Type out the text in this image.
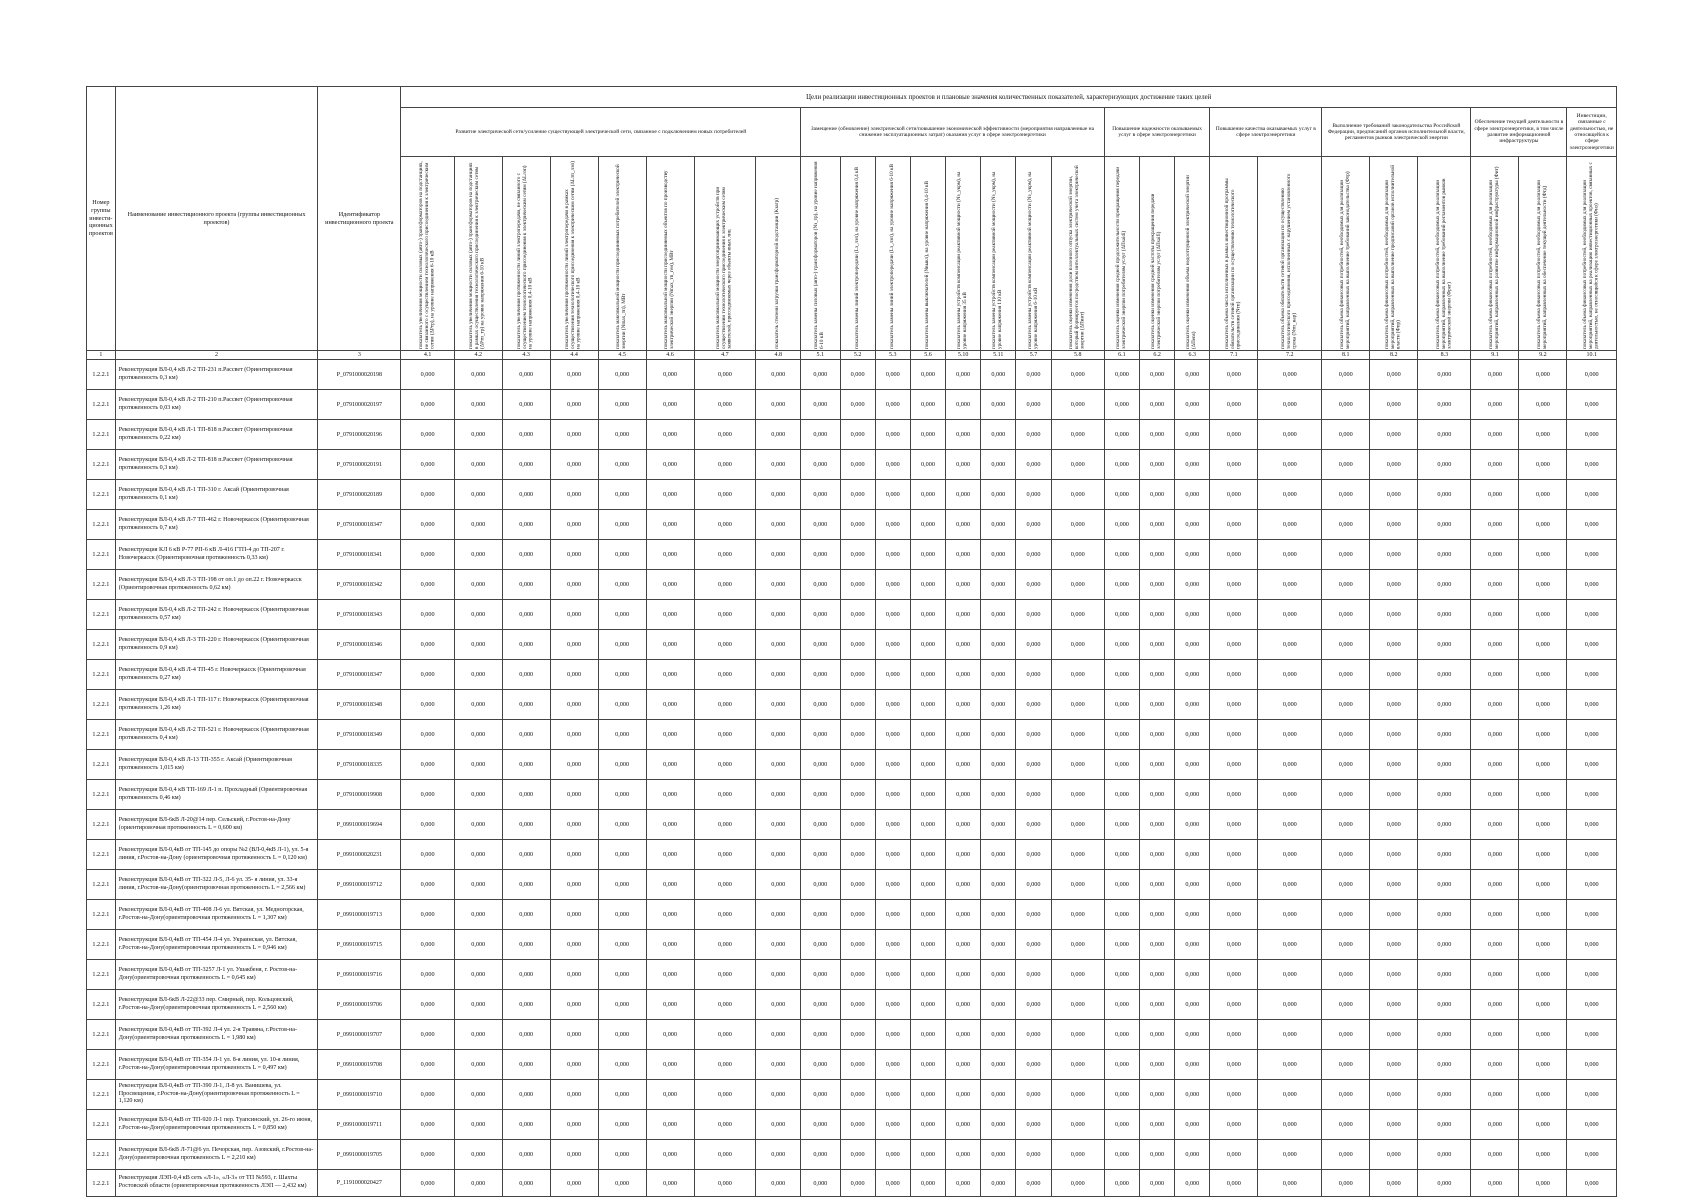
Номер группы инвести- ционных проектов	Наименование инвестиционного проекта (группы инвестиционных проектов)	Идентификатор инвестиционного проекта	Цели реализации инвестиционных проектов и плановые значения количественных показателей, характеризующих достижение таких целей																										
			Развитие электрической сети/усиление существующей электрической сети, связанное с подключением новых потребителей								Замещение (обновление) электрической сети/повышение экономической эффективности (мероприятия направленные на снижение эксплуатационных затрат) оказания услуг в сфере электроэнергетики								Повышение надежности оказываемых услуг в сфере электроэнергетики			Повышение качества оказываемых услуг в сфере электроэнергетики		Выполнение требований законодательства Российской Федерации, предписаний органов исполнительной власти, регламентов рынков электрической энергии			Обеспечение текущей деятельности в сфере электроэнергетики, в том числе развитие информационной инфраструктуры		Инвестиции, связанные с деятельностью, не относящейся к сфере электроэнергетики

			показатель увеличения мощности силовых (авто-) трансформаторов на подстанциях, не связанного с осуществлением технологического присоединения к электрическим сетям (ΔPтр), на уровне напряжения 6-10 кВ	показатель увеличения мощности силовых (авто-) трансформаторов на подстанциях в рамках осуществления технологического присоединения к электрическим сетям (ΔPтп_тр) на уровне напряжения 6-10 кВ	показатель увеличения протяженности линий электропередачи, не связанного с осуществлением технологического присоединения к электрическим сетям (ΔLлэп) на уровне напряжения 0,4-10 кВ	показатель увеличения протяженности линий электропередачи в рамках осуществления технологического присоединения к электрическим сетям (ΔLтп_лэп) на уровне напряжения 0,4-10 кВ	показатель максимальной мощности присоединяемых потребителей электрической энергии (Nmax_тп), МВт	показатель максимальной мощности присоединяемых объектов по производству электрической энергии (Nmax_тп_ген), МВт	показатель максимальной мощности энергопринимающих устройств при осуществлении технологического присоединения к электрическим сетям заявителей, присоединяемых через объекты иных лиц	показатель степени загрузки трансформаторной подстанции (Kзагр)	показатель замены силовых (авто-) трансформаторов (Nз_тр), на уровне напряжения 6-10 кВ	показатель замены линий электропередачи (Lз_лэп), на уровне напряжения 0,4 кВ	показатель замены линий электропередачи (Lз_лэп), на уровне напряжения 6-10 кВ	показатель замены выключателей (Nвыкл), на уровне напряжения 0,4-10 кВ	показатель замены устройств компенсации реактивной мощности (Nз_укрм), на уровне напряжения 35 кВ	показатель замены устройств компенсации реактивной мощности (Nз_укрм), на уровне напряжения 110 кВ	показатель замены устройств компенсации реактивной мощности (Nз_укрм), на уровне напряжения 6-10 кВ	показатель оценки изменения доли полезного отпуска электрической энергии, который формируется посредством интеллектуальных систем учета электрической энергии (ΔПинт)	показатель оценки изменения средней продолжительности прекращения передачи электрической энергии потребителям услуг (ΔПsaidi)	показатель оценки изменения средней частоты прекращения передачи электрической энергии потребителям услуг (ΔПsaifi)	показатель оценки изменения объема недоотпущенной электрической энергии (ΔПens)	показатель объема числа исполненных в рамках инвестиционной программы обязательств сетевой организации по осуществлению технологического присоединения (Nтп)	показатель объема обязательств сетевой организации по осуществлению технологического присоединения, исполненных с нарушением установленного срока (Nтп_нар)	показатель объема финансовых потребностей, необходимых для реализации мероприятий, направленных на выполнение требований законодательства (Фтр)	показатель объема финансовых потребностей, необходимых для реализации мероприятий, направленных на выполнение предписаний органов исполнительной власти (Фпр)	показатель объема финансовых потребностей, необходимых для реализации мероприятий, направленных на выполнение требований регламентов рынков электрической энергии (Фрег)	показатель объема финансовых потребностей, необходимых для реализации мероприятий, направленных на развитие информационной инфраструктуры (Фит)	показатель объема финансовых потребностей, необходимых для реализации мероприятий, направленных на обеспечение текущей деятельности (Фтд)	показатель объема финансовых потребностей, необходимых для реализации мероприятий, направленных на реализацию инвестиционных проектов, связанных с деятельностью, не относящейся к сфере электроэнергетики (Фнэ)

1	2	3	4.1	4.2	4.3	4.4	4.5	4.6	4.7	4.8	5.1	5.2	5.3	5.6	5.10	5.11	5.7	5.8	6.1	6.2	6.3	7.1	7.2	8.1	8.2	8.3	9.1	9.2	10.1
1.2.2.1	Реконструкция ВЛ-0,4 кВ Л-2 ТП-231 п.Рассвет (Ориентировочная протяженность 0,3 км)	P_0791000020198	0,000	0,000	0,000	0,000	0,000	0,000	0,000	0,000	0,000	0,000	0,000	0,000	0,000	0,000	0,000	0,000	0,000	0,000	0,000	0,000	0,000	0,000	0,000	0,000	0,000	0,000	0,000
1.2.2.1	Реконструкция ВЛ-0,4 кВ Л-2 ТП-210 п.Рассвет (Ориентировочная протяженность 0,03 км)	P_0791000020197	0,000	0,000	0,000	0,000	0,000	0,000	0,000	0,000	0,000	0,000	0,000	0,000	0,000	0,000	0,000	0,000	0,000	0,000	0,000	0,000	0,000	0,000	0,000	0,000	0,000	0,000	0,000
1.2.2.1	Реконструкция ВЛ-0,4 кВ Л-1 ТП-818 п.Рассвет (Ориентировочная протяженность 0,22 км)	P_0791000020196	0,000	0,000	0,000	0,000	0,000	0,000	0,000	0,000	0,000	0,000	0,000	0,000	0,000	0,000	0,000	0,000	0,000	0,000	0,000	0,000	0,000	0,000	0,000	0,000	0,000	0,000	0,000
1.2.2.1	Реконструкция ВЛ-0,4 кВ Л-2 ТП-818 п.Рассвет (Ориентировочная протяженность 0,3 км)	P_0791000020191	0,000	0,000	0,000	0,000	0,000	0,000	0,000	0,000	0,000	0,000	0,000	0,000	0,000	0,000	0,000	0,000	0,000	0,000	0,000	0,000	0,000	0,000	0,000	0,000	0,000	0,000	0,000
1.2.2.1	Реконструкция ВЛ-0,4 кВ Л-1 ТП-310 г. Аксай (Ориентировочная протяженность 0,1 км)	P_0791000020189	0,000	0,000	0,000	0,000	0,000	0,000	0,000	0,000	0,000	0,000	0,000	0,000	0,000	0,000	0,000	0,000	0,000	0,000	0,000	0,000	0,000	0,000	0,000	0,000	0,000	0,000	0,000
1.2.2.1	Реконструкция ВЛ-0,4 кВ Л-7 ТП-462 г. Новочеркасск (Ориентировочная протяженность 0,7 км)	P_0791000018347	0,000	0,000	0,000	0,000	0,000	0,000	0,000	0,000	0,000	0,000	0,000	0,000	0,000	0,000	0,000	0,000	0,000	0,000	0,000	0,000	0,000	0,000	0,000	0,000	0,000	0,000	0,000
1.2.2.1	Реконструкция КЛ 6 кВ Р-77 РП-6 кВ Л-416 ГТП-4 до ТП-207 г. Новочеркасск (Ориентировочная протяженность 0,33 км)	P_0791000018341	0,000	0,000	0,000	0,000	0,000	0,000	0,000	0,000	0,000	0,000	0,000	0,000	0,000	0,000	0,000	0,000	0,000	0,000	0,000	0,000	0,000	0,000	0,000	0,000	0,000	0,000	0,000
1.2.2.1	Реконструкция ВЛ-0,4 кВ Л-3 ТП-198 от оп.1 до оп.22 г. Новочеркасск (Ориентировочная протяженность 0,62 км)	P_0791000018342	0,000	0,000	0,000	0,000	0,000	0,000	0,000	0,000	0,000	0,000	0,000	0,000	0,000	0,000	0,000	0,000	0,000	0,000	0,000	0,000	0,000	0,000	0,000	0,000	0,000	0,000	0,000
1.2.2.1	Реконструкция ВЛ-0,4 кВ Л-2 ТП-242 г. Новочеркасск (Ориентировочная протяженность 0,57 км)	P_0791000018343	0,000	0,000	0,000	0,000	0,000	0,000	0,000	0,000	0,000	0,000	0,000	0,000	0,000	0,000	0,000	0,000	0,000	0,000	0,000	0,000	0,000	0,000	0,000	0,000	0,000	0,000	0,000
1.2.2.1	Реконструкция ВЛ-0,4 кВ Л-3 ТП-220 г. Новочеркасск (Ориентировочная протяженность 0,9 км)	P_0791000018346	0,000	0,000	0,000	0,000	0,000	0,000	0,000	0,000	0,000	0,000	0,000	0,000	0,000	0,000	0,000	0,000	0,000	0,000	0,000	0,000	0,000	0,000	0,000	0,000	0,000	0,000	0,000
1.2.2.1	Реконструкция ВЛ-0,4 кВ Л-4 ТП-45 г. Новочеркасск (Ориентировочная протяженность 0,27 км)	P_0791000018347	0,000	0,000	0,000	0,000	0,000	0,000	0,000	0,000	0,000	0,000	0,000	0,000	0,000	0,000	0,000	0,000	0,000	0,000	0,000	0,000	0,000	0,000	0,000	0,000	0,000	0,000	0,000
1.2.2.1	Реконструкция ВЛ-0,4 кВ Л-1 ТП-117 г. Новочеркасск (Ориентировочная протяженность 1,26 км)	P_0791000018348	0,000	0,000	0,000	0,000	0,000	0,000	0,000	0,000	0,000	0,000	0,000	0,000	0,000	0,000	0,000	0,000	0,000	0,000	0,000	0,000	0,000	0,000	0,000	0,000	0,000	0,000	0,000
1.2.2.1	Реконструкция ВЛ-0,4 кВ Л-2 ТП-521 г. Новочеркасск (Ориентировочная протяженность 0,4 км)	P_0791000018349	0,000	0,000	0,000	0,000	0,000	0,000	0,000	0,000	0,000	0,000	0,000	0,000	0,000	0,000	0,000	0,000	0,000	0,000	0,000	0,000	0,000	0,000	0,000	0,000	0,000	0,000	0,000
1.2.2.1	Реконструкция ВЛ-0,4 кВ Л-13 ТП-355 г. Аксай (Ориентировочная протяженность 1,015 км)	P_0791000018335	0,000	0,000	0,000	0,000	0,000	0,000	0,000	0,000	0,000	0,000	0,000	0,000	0,000	0,000	0,000	0,000	0,000	0,000	0,000	0,000	0,000	0,000	0,000	0,000	0,000	0,000	0,000
1.2.2.1	Реконструкция ВЛ-0,4 кВ ТП-169 Л-1 п. Прохладный (Ориентировочная протяженность 0,46 км)	P_0791000019908	0,000	0,000	0,000	0,000	0,000	0,000	0,000	0,000	0,000	0,000	0,000	0,000	0,000	0,000	0,000	0,000	0,000	0,000	0,000	0,000	0,000	0,000	0,000	0,000	0,000	0,000	0,000
1.2.2.1	Реконструкция ВЛ-6кВ Л-20@14 пер. Сельский, г.Ростов-на-Дону (ориентировочная протяженность L = 0,600 км)	P_0991000019694	0,000	0,000	0,000	0,000	0,000	0,000	0,000	0,000	0,000	0,000	0,000	0,000	0,000	0,000	0,000	0,000	0,000	0,000	0,000	0,000	0,000	0,000	0,000	0,000	0,000	0,000	0,000
1.2.2.1	Реконструкция ВЛ-0,4кВ от ТП-145 до опоры №2 (ВЛ-0,4кВ Л-1), ул. 5-я линия, г.Ростов-на-Дону (ориентировочная протяженность L = 0,120 км)	P_0991000020231	0,000	0,000	0,000	0,000	0,000	0,000	0,000	0,000	0,000	0,000	0,000	0,000	0,000	0,000	0,000	0,000	0,000	0,000	0,000	0,000	0,000	0,000	0,000	0,000	0,000	0,000	0,000
1.2.2.1	Реконструкция ВЛ-0,4кВ от ТП-322 Л-5, Л-6 ул. 35- я линия, ул. 33-я линия, г.Ростов-на-Дону(ориентировочная протяженность L = 2,566 км)	P_0991000019712	0,000	0,000	0,000	0,000	0,000	0,000	0,000	0,000	0,000	0,000	0,000	0,000	0,000	0,000	0,000	0,000	0,000	0,000	0,000	0,000	0,000	0,000	0,000	0,000	0,000	0,000	0,000
1.2.2.1	Реконструкция ВЛ-0,4кВ от ТП-408 Л-6 ул. Вятская, ул. Медногорская, г.Ростов-на-Дону(ориентировочная протяженность L = 1,307 км)	P_0991000019713	0,000	0,000	0,000	0,000	0,000	0,000	0,000	0,000	0,000	0,000	0,000	0,000	0,000	0,000	0,000	0,000	0,000	0,000	0,000	0,000	0,000	0,000	0,000	0,000	0,000	0,000	0,000
1.2.2.1	Реконструкция ВЛ-0,4кВ от ТП-454 Л-4 ул. Украинская, ул. Вятская, г.Ростов-на-Дону(ориентировочная протяженность L = 0,946 км)	P_0991000019715	0,000	0,000	0,000	0,000	0,000	0,000	0,000	0,000	0,000	0,000	0,000	0,000	0,000	0,000	0,000	0,000	0,000	0,000	0,000	0,000	0,000	0,000	0,000	0,000	0,000	0,000	0,000
1.2.2.1	Реконструкция ВЛ-0,4кВ от ТП-3257 Л-1 ул. Ушакбеня, г. Ростов-на-Дону(ориентировочная протяженность L = 0,645 км)	P_0991000019716	0,000	0,000	0,000	0,000	0,000	0,000	0,000	0,000	0,000	0,000	0,000	0,000	0,000	0,000	0,000	0,000	0,000	0,000	0,000	0,000	0,000	0,000	0,000	0,000	0,000	0,000	0,000
1.2.2.1	Реконструкция ВЛ-6кВ Л-22@33 пер. Смирный, пер. Кольцовский, г.Ростов-на-Дону(ориентировочная протяженность L = 2,560 км)	P_0991000019706	0,000	0,000	0,000	0,000	0,000	0,000	0,000	0,000	0,000	0,000	0,000	0,000	0,000	0,000	0,000	0,000	0,000	0,000	0,000	0,000	0,000	0,000	0,000	0,000	0,000	0,000	0,000
1.2.2.1	Реконструкция ВЛ-0,4кВ от ТП-392 Л-4 ул. 2-я Травяна, г.Ростов-на-Дону(ориентировочная протяженность L = 1,980 км)	P_0991000019707	0,000	0,000	0,000	0,000	0,000	0,000	0,000	0,000	0,000	0,000	0,000	0,000	0,000	0,000	0,000	0,000	0,000	0,000	0,000	0,000	0,000	0,000	0,000	0,000	0,000	0,000	0,000
1.2.2.1	Реконструкция ВЛ-0,4кВ от ТП-354 Л-1 ул. 8-я линия, ул. 10-я линия, г.Ростов-на-Дону(ориентировочная протяженность L = 0,497 км)	P_0991000019708	0,000	0,000	0,000	0,000	0,000	0,000	0,000	0,000	0,000	0,000	0,000	0,000	0,000	0,000	0,000	0,000	0,000	0,000	0,000	0,000	0,000	0,000	0,000	0,000	0,000	0,000	0,000
1.2.2.1	Реконструкция ВЛ-0,4кВ от ТП-390 Л-1, Л-8 ул. Ванишева, ул. Просвещения, г.Ростов-на-Дону(ориентировочная протяженность L = 1,120 км)	P_0991000019710	0,000	0,000	0,000	0,000	0,000	0,000	0,000	0,000	0,000	0,000	0,000	0,000	0,000	0,000	0,000	0,000	0,000	0,000	0,000	0,000	0,000	0,000	0,000	0,000	0,000	0,000	0,000
1.2.2.1	Реконструкция ВЛ-0,4кВ от ТП-920 Л-1 пер. Туапсинский, ул. 26-го июня, г.Ростов-на-Дону(ориентировочная протяженность L = 0,850 км)	P_0991000019711	0,000	0,000	0,000	0,000	0,000	0,000	0,000	0,000	0,000	0,000	0,000	0,000	0,000	0,000	0,000	0,000	0,000	0,000	0,000	0,000	0,000	0,000	0,000	0,000	0,000	0,000	0,000
1.2.2.1	Реконструкция ВЛ-6кВ Л-71@6 ул. Печорская, пер. Азовский, г.Ростов-на-Дону(ориентировочная протяженность L = 2,210 км)	P_0991000019705	0,000	0,000	0,000	0,000	0,000	0,000	0,000	0,000	0,000	0,000	0,000	0,000	0,000	0,000	0,000	0,000	0,000	0,000	0,000	0,000	0,000	0,000	0,000	0,000	0,000	0,000	0,000
1.2.2.1	Реконструкция ЛЭП-0,4 кВ сеть «Л-1», «Л-3» от ТП №593, г. Шахты Ростовской области (ориентировочная протяженность ЛЭП — 2,432 км)	P_1191000020427	0,000	0,000	0,000	0,000	0,000	0,000	0,000	0,000	0,000	0,000	0,000	0,000	0,000	0,000	0,000	0,000	0,000	0,000	0,000	0,000	0,000	0,000	0,000	0,000	0,000	0,000	0,000
